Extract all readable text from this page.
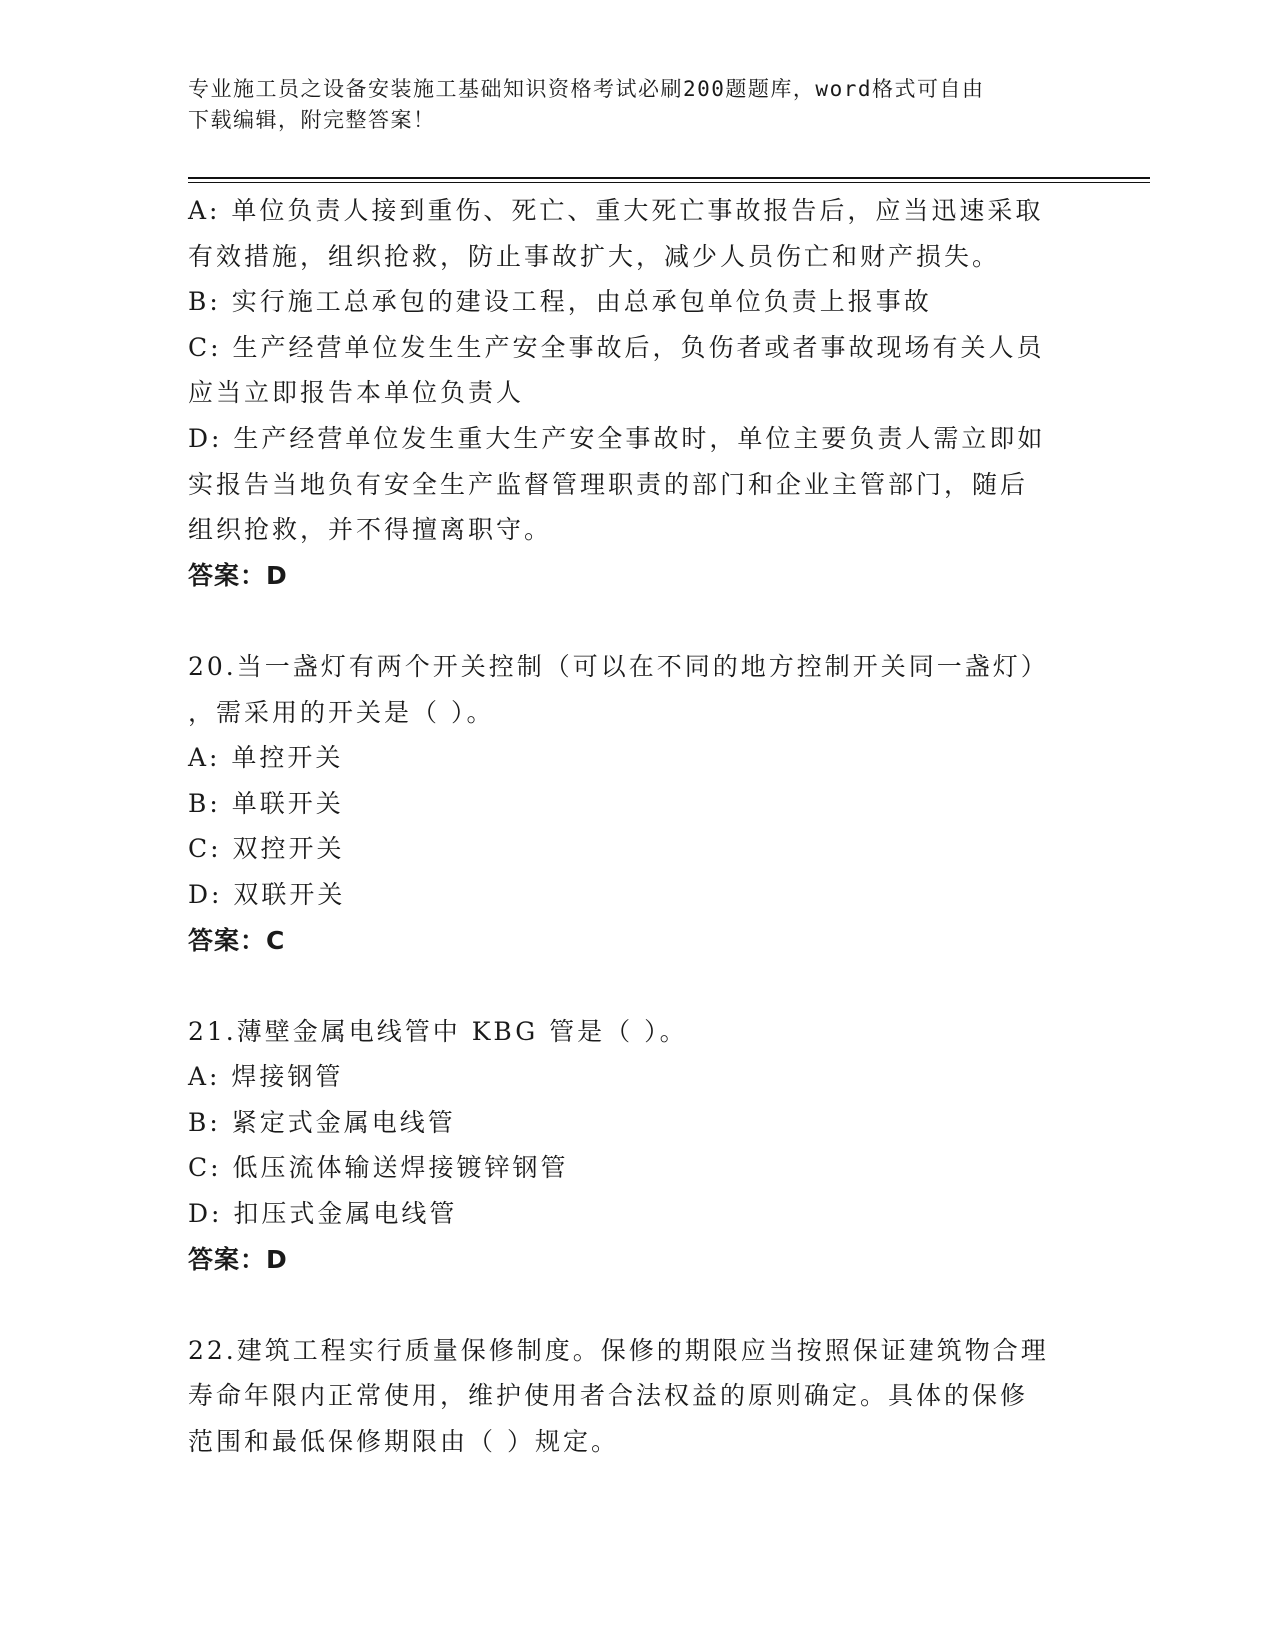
专业施工员之设备安装施工基础知识资格考试必刷200题题库，word格式可自由
下载编辑，附完整答案！
A: 单位负责人接到重伤、死亡、重大死亡事故报告后，应当迅速采取
有效措施，组织抢救，防止事故扩大，减少人员伤亡和财产损失。
B: 实行施工总承包的建设工程，由总承包单位负责上报事故
C: 生产经营单位发生生产安全事故后，负伤者或者事故现场有关人员
应当立即报告本单位负责人
D: 生产经营单位发生重大生产安全事故时，单位主要负责人需立即如
实报告当地负有安全生产监督管理职责的部门和企业主管部门，随后
组织抢救，并不得擅离职守。
答案：D
20.当一盏灯有两个开关控制（可以在不同的地方控制开关同一盏灯）
，需采用的开关是（ ）。
A: 单控开关
B: 单联开关
C: 双控开关
D: 双联开关
答案：C
21.薄壁金属电线管中 KBG 管是（ ）。
A: 焊接钢管
B: 紧定式金属电线管
C: 低压流体输送焊接镀锌钢管
D: 扣压式金属电线管
答案：D
22.建筑工程实行质量保修制度。保修的期限应当按照保证建筑物合理
寿命年限内正常使用，维护使用者合法权益的原则确定。具体的保修
范围和最低保修期限由（ ）规定。
